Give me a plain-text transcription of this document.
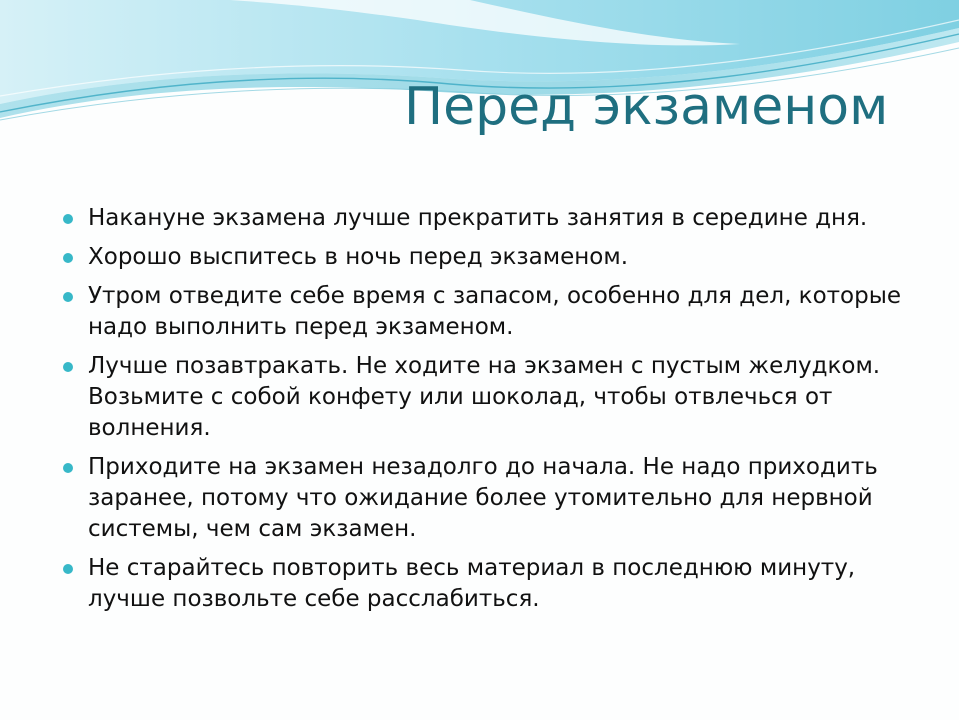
Перед экзаменом
Накануне экзамена лучше прекратить занятия в середине дня.
Хорошо выспитесь в ночь перед экзаменом.
Утром отведите себе время с запасом, особенно для дел, которые надо выполнить перед экзаменом.
Лучше позавтракать. Не ходите на экзамен с пустым желудком. Возьмите с собой конфету или шоколад, чтобы отвлечься от волнения.
Приходите на экзамен незадолго до начала. Не надо приходить заранее, потому что ожидание более утомительно для нервной системы, чем сам экзамен.
Не старайтесь повторить весь материал в последнюю минуту, лучше позвольте себе расслабиться.
